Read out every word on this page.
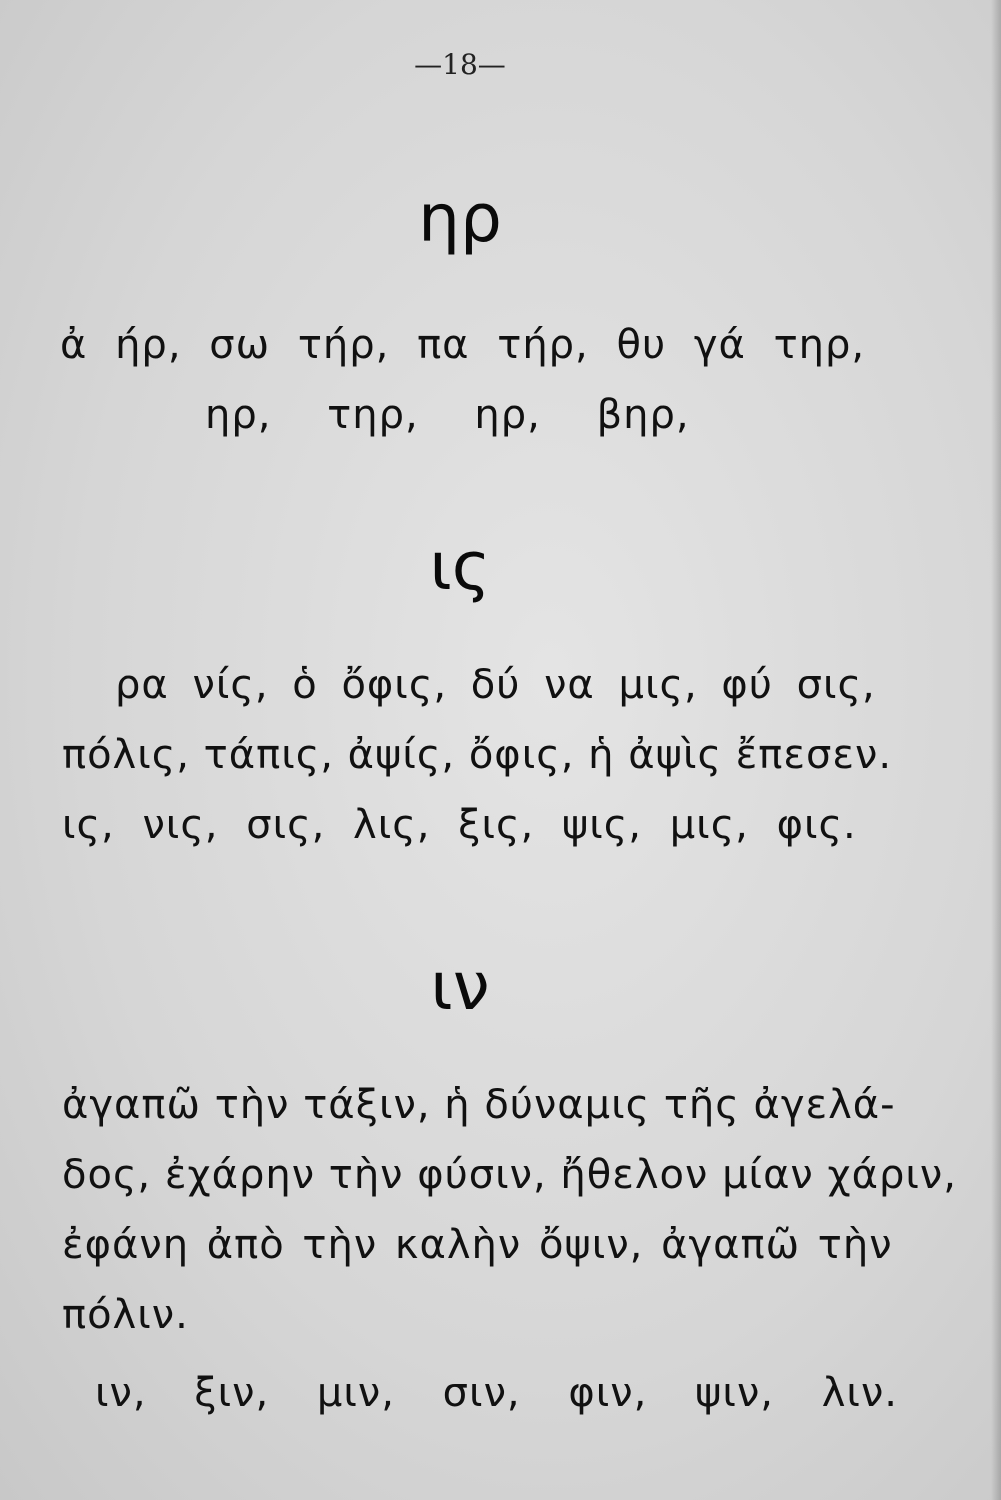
—18—
ηρ

ἀ ήρ, σω τήρ, πα τήρ, θυ γά τηρ,

ηρ, τηρ, ηρ, βηρ,

ις

ρα νίς, ὁ ὄφις, δύ να μις, φύ σις,

πόλις, τάπις, ἀψίς, ὄφις, ἡ ἀψὶς ἔπεσεν.

ις, νις, σις, λις, ξις, ψις, μις, φις.

ιν

ἀγαπῶ τὴν τάξιν, ἡ δύναμις τῆς ἀγελά-

δος, ἐχάρην τὴν φύσιν, ἤθελον μίαν χάριν,

ἐφάνη ἀπὸ τὴν καλὴν ὄψιν, ἀγαπῶ τὴν

πόλιν.

ιν, ξιν, μιν, σιν, φιν, ψιν, λιν.
